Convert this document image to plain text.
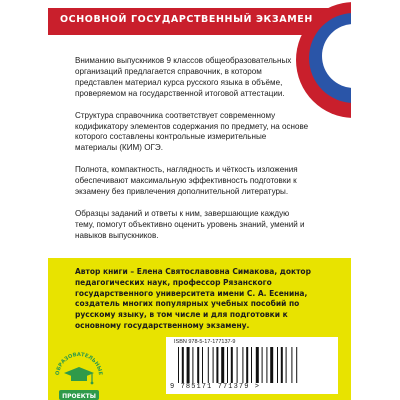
ОСНОВНОЙ ГОСУДАРСТВЕННЫЙ ЭКЗАМЕН

Вниманию выпускников 9 классов общеобразовательных организаций предлагается справочник, в котором представлен материал курса русского языка в объёме, проверяемом на государственной итоговой аттестации.

Структура справочника соответствует современному кодификатору элементов содержания по предмету, на основе которого составлены контрольные измерительные материалы (КИМ) ОГЭ.

Полнота, компактность, наглядность и чёткость изложения обеспечивают максимальную эффективность подготовки к экзамену без привлечения дополнительной литературы.

Образцы заданий и ответы к ним, завершающие каждую тему, помогут объективно оценить уровень знаний, умений и навыков выпускников.

Автор книги – Елена Святославовна Симакова, доктор педагогических наук, профессор Рязанского государственного университета имени С. А. Есенина, создатель многих популярных учебных пособий по русскому языку, в том числе и для подготовки к основному государственному экзамену.
ОБРАЗОВАТЕЛЬНЫЕ
ПРОЕКТЫ
ISBN 978-5-17-177137-9
9 785171 771379 >
